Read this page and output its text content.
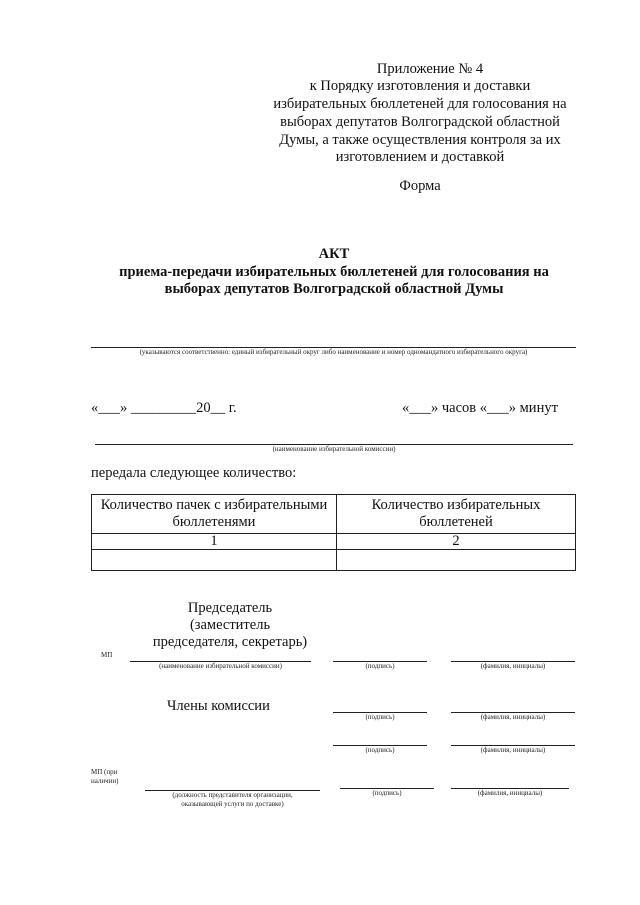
Приложение № 4
к Порядку изготовления и доставки
избирательных бюллетеней для голосования на
выборах депутатов Волгоградской областной
Думы, а также осуществления контроля за их
изготовлением и доставкой
Форма
АКТ
приема-передачи избирательных бюллетеней для голосования на
выборах депутатов Волгоградской областной Думы
(указываются соответственно: единый избирательный округ либо наименование и номер одномандатного избирательного округа)
«___» _________20__ г.	«___» часов «___» минут
(наименование избирательной комиссии)
передала следующее количество:
Количество пачек с избирательными бюллетенями	Количество избирательных бюллетеней
1	2

Председатель
(заместитель
председателя, секретарь)
МП
(наименование избирательной комиссии)	(подпись)	(фамилия, инициалы)
Члены комиссии
(подпись)	(фамилия, инициалы)
(подпись)	(фамилия, инициалы)
МП (при
наличии)
(должность представителя организации,
оказывающей услуги по доставке)
(подпись)	(фамилия, инициалы)
